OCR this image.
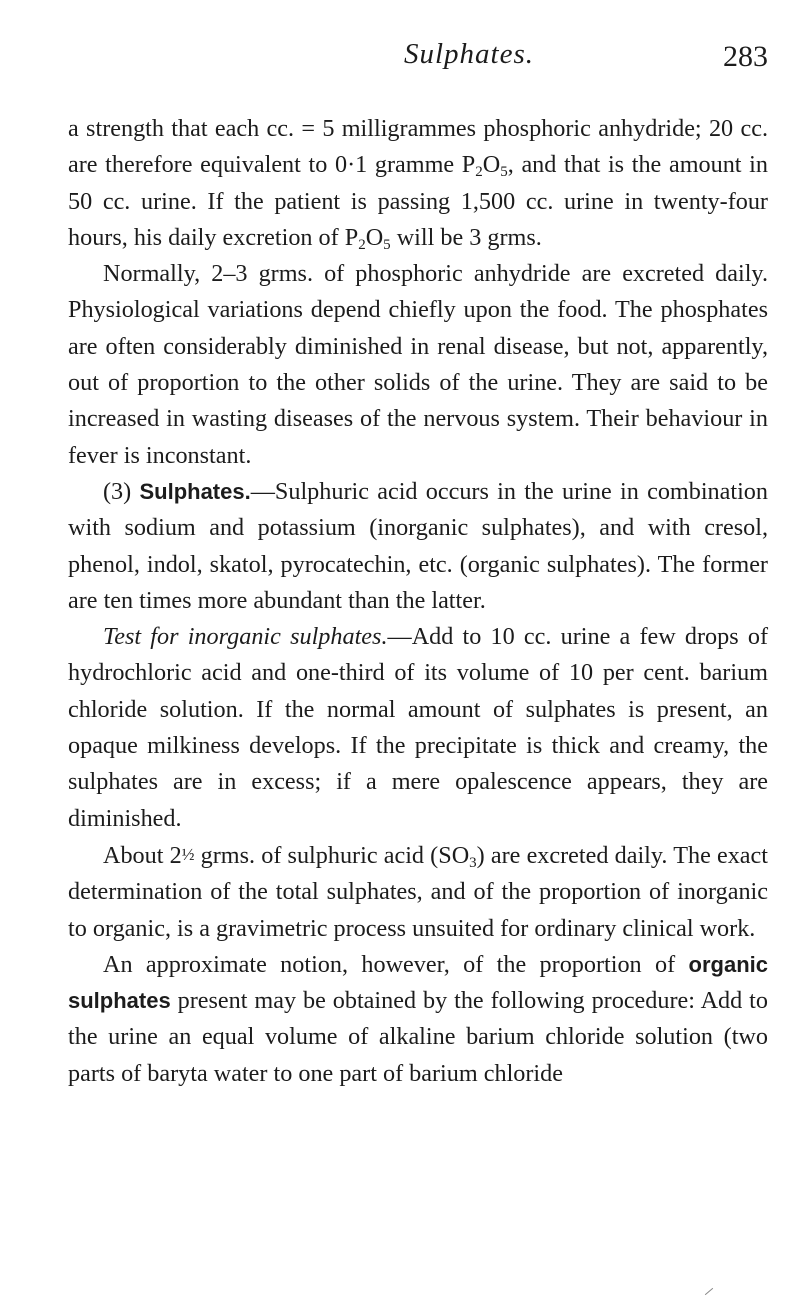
Sulphates.	283

a strength that each cc. = 5 milligrammes phosphoric anhydride; 20 cc. are therefore equivalent to 0·1 gramme $P_2O_5$, and that is the amount in 50 cc. urine. If the patient is passing 1,500 cc. urine in twenty-four hours, his daily excretion of $P_2O_5$ will be 3 grms.

Normally, 2–3 grms. of phosphoric anhydride are excreted daily. Physiological variations depend chiefly upon the food. The phosphates are often considerably diminished in renal disease, but not, apparently, out of proportion to the other solids of the urine. They are said to be increased in wasting diseases of the nervous system. Their behaviour in fever is inconstant.

(3) Sulphates.—Sulphuric acid occurs in the urine in combination with sodium and potassium (inorganic sulphates), and with cresol, phenol, indol, skatol, pyrocatechin, etc. (organic sulphates). The former are ten times more abundant than the latter.

Test for inorganic sulphates.—Add to 10 cc. urine a few drops of hydrochloric acid and one-third of its volume of 10 per cent. barium chloride solution. If the normal amount of sulphates is present, an opaque milkiness develops. If the precipitate is thick and creamy, the sulphates are in excess; if a mere opalescence appears, they are diminished.

About 2½ grms. of sulphuric acid $(SO_3)$ are excreted daily. The exact determination of the total sulphates, and of the proportion of inorganic to organic, is a gravimetric process unsuited for ordinary clinical work.

An approximate notion, however, of the proportion of organic sulphates present may be obtained by the following procedure: Add to the urine an equal volume of alkaline barium chloride solution (two parts of baryta water to one part of barium chloride
